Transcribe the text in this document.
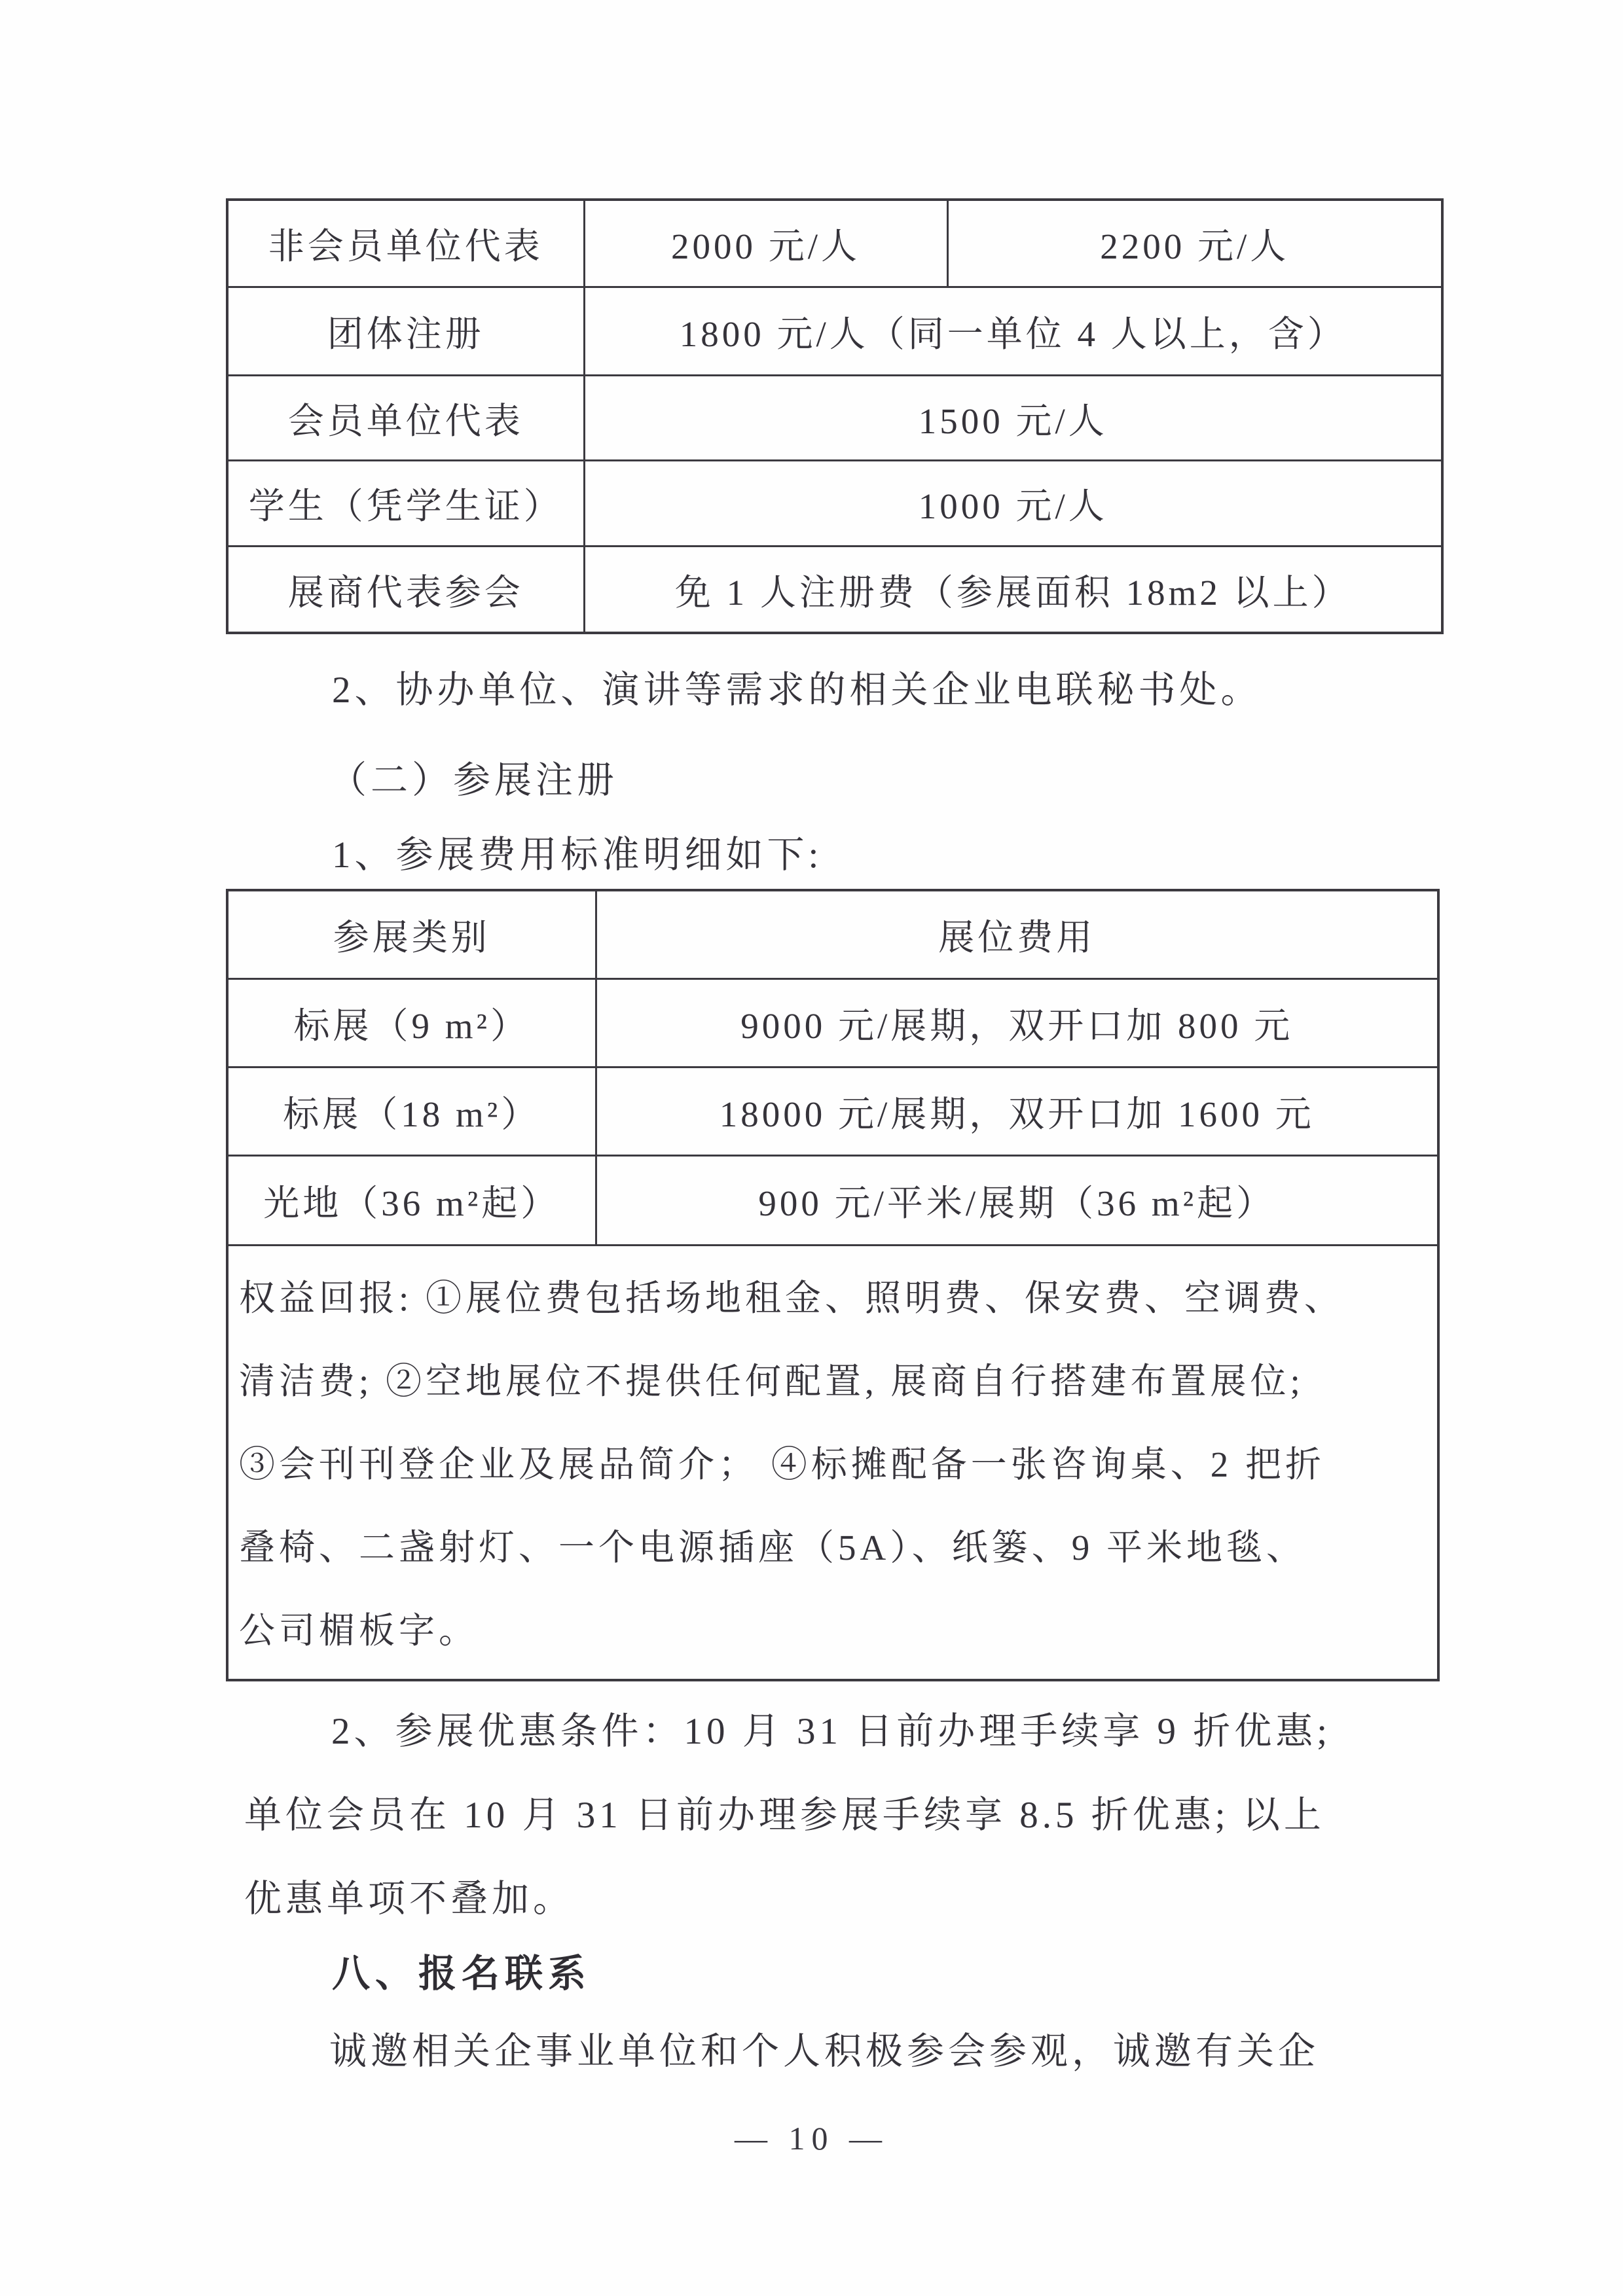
非会员单位代表	2000 元/人	2200 元/人
团体注册	1800 元/人（同一单位 4 人以上，含）	
会员单位代表	1500 元/人	
学生（凭学生证）	1000 元/人	
展商代表参会	免 1 人注册费（参展面积 18m2 以上）	
2、协办单位、演讲等需求的相关企业电联秘书处。
（二）参展注册
1、参展费用标准明细如下:
参展类别	展位费用
标展（9 m²）	9000 元/展期，双开口加 800 元
标展（18 m²）	18000 元/展期，双开口加 1600 元
光地（36 m²起）	900 元/平米/展期（36 m²起）

权益回报: ①展位费包括场地租金、照明费、保安费、空调费、
清洁费; ②空地展位不提供任何配置, 展商自行搭建布置展位;
③会刊刊登企业及展品简介； ④标摊配备一张咨询桌、2 把折
叠椅、二盏射灯、一个电源插座（5A）、纸篓、9 平米地毯、
公司楣板字。	
2、参展优惠条件：10 月 31 日前办理手续享 9 折优惠;
单位会员在 10 月 31 日前办理参展手续享 8.5 折优惠; 以上
优惠单项不叠加。
八、报名联系
诚邀相关企事业单位和个人积极参会参观，诚邀有关企
— 10 —
